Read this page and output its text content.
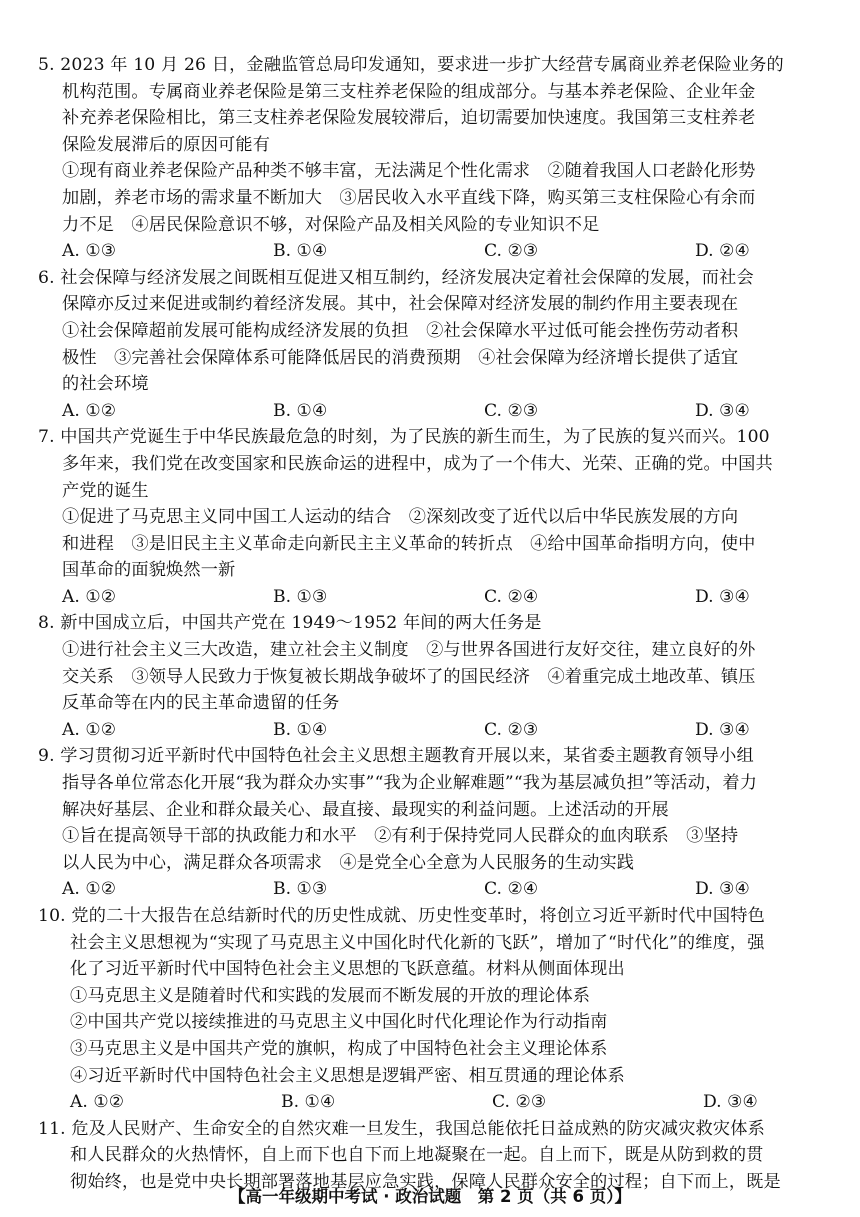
5. 2023 年 10 月 26 日，金融监管总局印发通知，要求进一步扩大经营专属商业养老保险业务的
机构范围。专属商业养老保险是第三支柱养老保险的组成部分。与基本养老保险、企业年金
补充养老保险相比，第三支柱养老保险发展较滞后，迫切需要加快速度。我国第三支柱养老
保险发展滞后的原因可能有
①现有商业养老保险产品种类不够丰富，无法满足个性化需求　②随着我国人口老龄化形势
加剧，养老市场的需求量不断加大　③居民收入水平直线下降，购买第三支柱保险心有余而
力不足　④居民保险意识不够，对保险产品及相关风险的专业知识不足
A. ①③	B. ①④	C. ②③	D. ②④
6. 社会保障与经济发展之间既相互促进又相互制约，经济发展决定着社会保障的发展，而社会
保障亦反过来促进或制约着经济发展。其中，社会保障对经济发展的制约作用主要表现在
①社会保障超前发展可能构成经济发展的负担　②社会保障水平过低可能会挫伤劳动者积
极性　③完善社会保障体系可能降低居民的消费预期　④社会保障为经济增长提供了适宜
的社会环境
A. ①②	B. ①④	C. ②③	D. ③④
7. 中国共产党诞生于中华民族最危急的时刻，为了民族的新生而生，为了民族的复兴而兴。100
多年来，我们党在改变国家和民族命运的进程中，成为了一个伟大、光荣、正确的党。中国共
产党的诞生
①促进了马克思主义同中国工人运动的结合　②深刻改变了近代以后中华民族发展的方向
和进程　③是旧民主主义革命走向新民主主义革命的转折点　④给中国革命指明方向，使中
国革命的面貌焕然一新
A. ①②	B. ①③	C. ②④	D. ③④
8. 新中国成立后，中国共产党在 1949～1952 年间的两大任务是
①进行社会主义三大改造，建立社会主义制度　②与世界各国进行友好交往，建立良好的外
交关系　③领导人民致力于恢复被长期战争破坏了的国民经济　④着重完成土地改革、镇压
反革命等在内的民主革命遗留的任务
A. ①②	B. ①④	C. ②③	D. ③④
9. 学习贯彻习近平新时代中国特色社会主义思想主题教育开展以来，某省委主题教育领导小组
指导各单位常态化开展“我为群众办实事”“我为企业解难题”“我为基层减负担”等活动，着力
解决好基层、企业和群众最关心、最直接、最现实的利益问题。上述活动的开展
①旨在提高领导干部的执政能力和水平　②有利于保持党同人民群众的血肉联系　③坚持
以人民为中心，满足群众各项需求　④是党全心全意为人民服务的生动实践
A. ①②	B. ①③	C. ②④	D. ③④
10. 党的二十大报告在总结新时代的历史性成就、历史性变革时，将创立习近平新时代中国特色
社会主义思想视为“实现了马克思主义中国化时代化新的飞跃”，增加了“时代化”的维度，强
化了习近平新时代中国特色社会主义思想的飞跃意蕴。材料从侧面体现出
①马克思主义是随着时代和实践的发展而不断发展的开放的理论体系
②中国共产党以接续推进的马克思主义中国化时代化理论作为行动指南
③马克思主义是中国共产党的旗帜，构成了中国特色社会主义理论体系
④习近平新时代中国特色社会主义思想是逻辑严密、相互贯通的理论体系
A. ①②	B. ①④	C. ②③	D. ③④
11. 危及人民财产、生命安全的自然灾难一旦发生，我国总能依托日益成熟的防灾减灾救灾体系
和人民群众的火热情怀，自上而下也自下而上地凝聚在一起。自上而下，既是从防到救的贯
彻始终，也是党中央长期部署落地基层应急实践，保障人民群众安全的过程；自下而上，既是
【高一年级期中考试 · 政治试题　第 2 页（共 6 页）】
